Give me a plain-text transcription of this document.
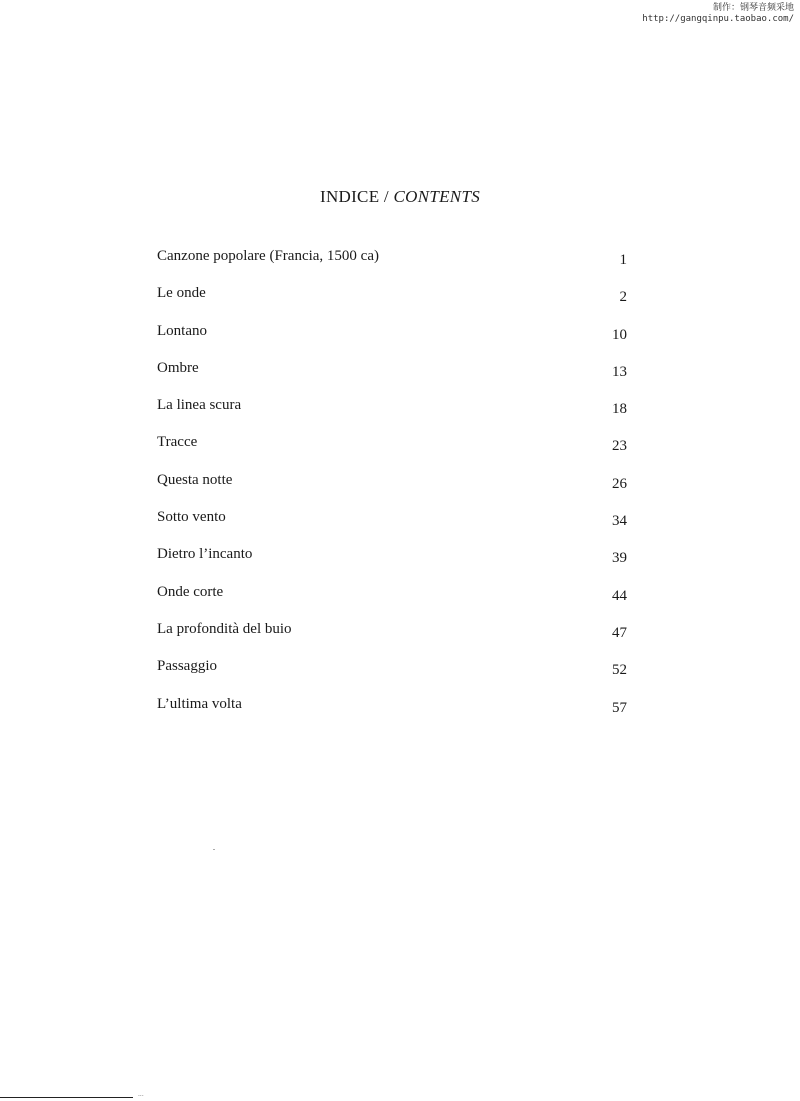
制作：钢琴音频采地
http://gangqinpu.taobao.com/
INDICE / CONTENTS
Canzone popolare (Francia, 1500 ca)	1
Le onde	2
Lontano	10
Ombre	13
La linea scura	18
Tracce	23
Questa notte	26
Sotto vento	34
Dietro l’incanto	39
Onde corte	44
La profondità del buio	47
Passaggio	52
L’ultima volta	57
···
